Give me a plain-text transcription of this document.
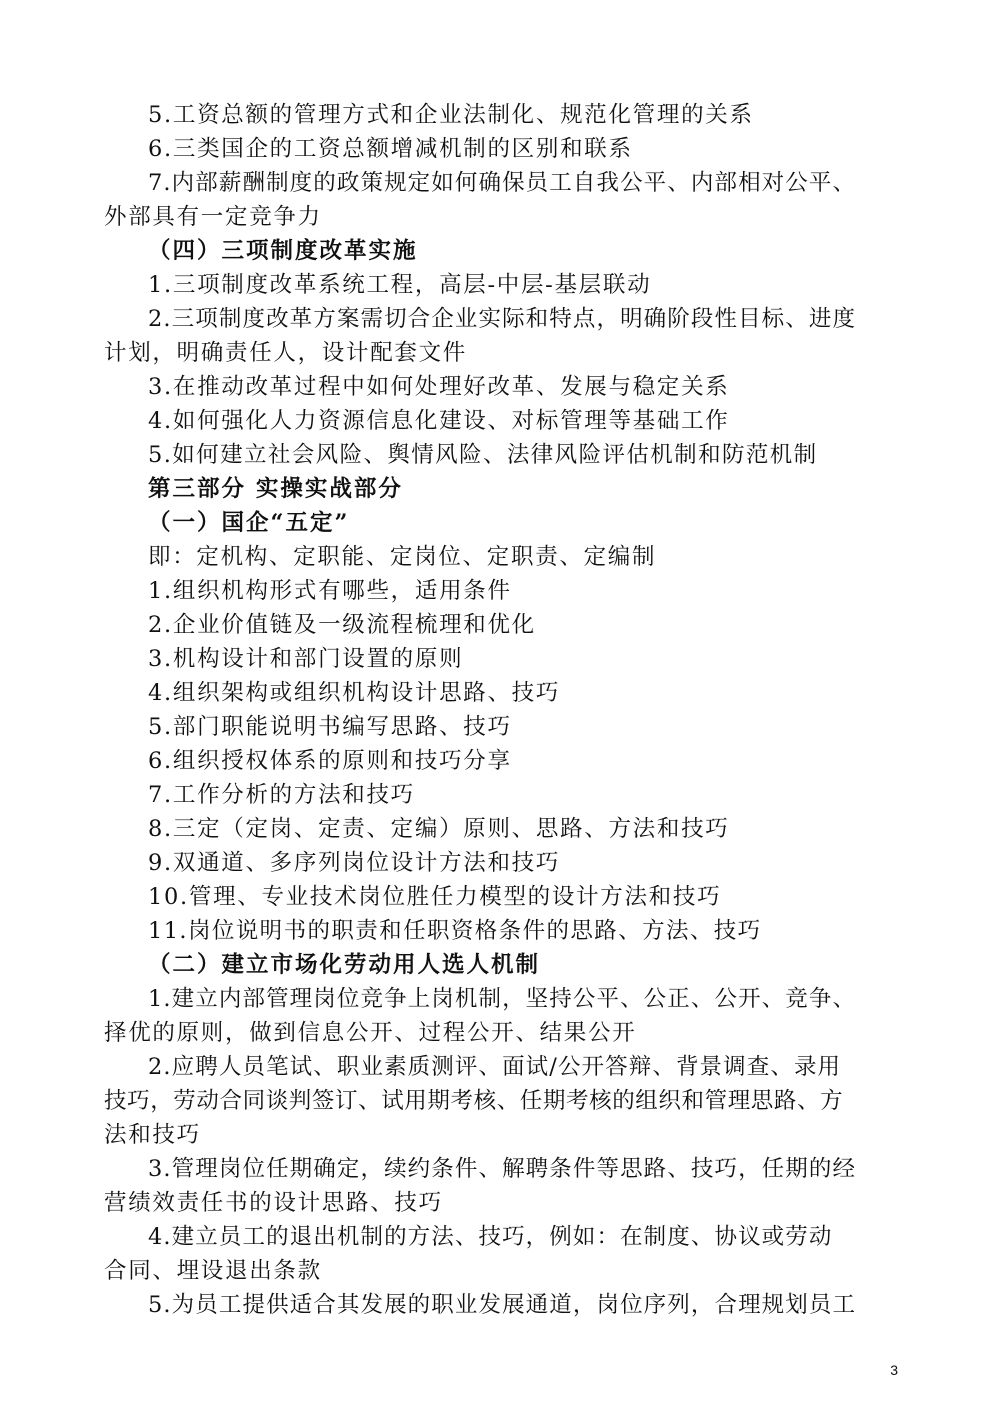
5.工资总额的管理方式和企业法制化、规范化管理的关系
6.三类国企的工资总额增减机制的区别和联系
7.内部薪酬制度的政策规定如何确保员工自我公平、内部相对公平、
外部具有一定竞争力
（四）三项制度改革实施
1.三项制度改革系统工程，高层-中层-基层联动
2.三项制度改革方案需切合企业实际和特点，明确阶段性目标、进度
计划，明确责任人，设计配套文件
3.在推动改革过程中如何处理好改革、发展与稳定关系
4.如何强化人力资源信息化建设、对标管理等基础工作
5.如何建立社会风险、舆情风险、法律风险评估机制和防范机制
第三部分 实操实战部分
（一）国企“五定”
即：定机构、定职能、定岗位、定职责、定编制
1.组织机构形式有哪些，适用条件
2.企业价值链及一级流程梳理和优化
3.机构设计和部门设置的原则
4.组织架构或组织机构设计思路、技巧
5.部门职能说明书编写思路、技巧
6.组织授权体系的原则和技巧分享
7.工作分析的方法和技巧
8.三定（定岗、定责、定编）原则、思路、方法和技巧
9.双通道、多序列岗位设计方法和技巧
10.管理、专业技术岗位胜任力模型的设计方法和技巧
11.岗位说明书的职责和任职资格条件的思路、方法、技巧
（二）建立市场化劳动用人选人机制
1.建立内部管理岗位竞争上岗机制，坚持公平、公正、公开、竞争、
择优的原则，做到信息公开、过程公开、结果公开
2.应聘人员笔试、职业素质测评、面试/公开答辩、背景调查、录用
技巧，劳动合同谈判签订、试用期考核、任期考核的组织和管理思路、方
法和技巧
3.管理岗位任期确定，续约条件、解聘条件等思路、技巧，任期的经
营绩效责任书的设计思路、技巧
4.建立员工的退出机制的方法、技巧，例如：在制度、协议或劳动
合同、埋设退出条款
5.为员工提供适合其发展的职业发展通道，岗位序列，合理规划员工
3
